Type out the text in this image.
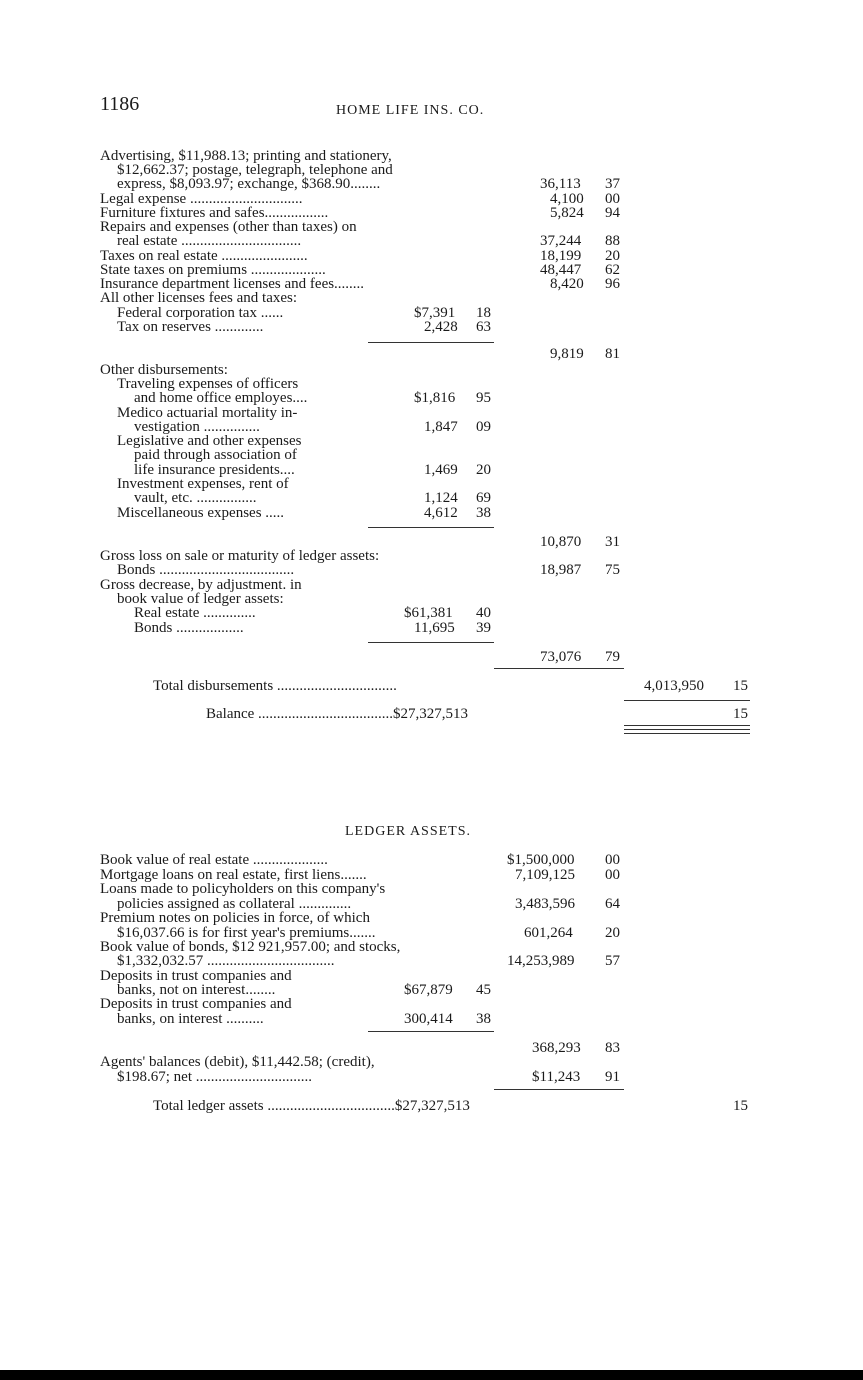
1186	HOME LIFE INS. CO.
Advertising, $11,988.13; printing and stationery,
$12,662.37; postage, telegraph, telephone and
express, $8,093.97; exchange, $368.90........	36,113 37
Legal expense ..............................	4,100 00
Furniture fixtures and safes.................	5,824 94
Repairs and expenses (other than taxes) on
real estate ................................	37,244 88
Taxes on real estate .......................	18,199 20
State taxes on premiums ....................	48,447 62
Insurance department licenses and fees........	8,420 96
All other licenses fees and taxes:
Federal corporation tax ......	$7,391 18
Tax on reserves .............	2,428 63
9,819 81
Other disbursements:
Traveling expenses of officers
and home office employes....	$1,816 95
Medico actuarial mortality in-
vestigation ...............	1,847 09
Legislative and other expenses
paid through association of
life insurance presidents....	1,469 20
Investment expenses, rent of
vault, etc. ................	1,124 69
Miscellaneous expenses .....	4,612 38
10,870 31
Gross loss on sale or maturity of ledger assets:
Bonds ....................................	18,987 75
Gross decrease, by adjustment. in
book value of ledger assets:
Real estate ..............	$61,381 40
Bonds ..................	11,695 39
73,076 79
Total disbursements ................................	4,013,950 15
Balance ....................................$27,327,513	15
LEDGER ASSETS.
Book value of real estate ....................	$1,500,000 00
Mortgage loans on real estate, first liens.......	7,109,125 00
Loans made to policyholders on this company's
policies assigned as collateral ..............	3,483,596 64
Premium notes on policies in force, of which
$16,037.66 is for first year's premiums.......	601,264 20
Book value of bonds, $12 921,957.00; and stocks,
$1,332,032.57 ..................................	14,253,989 57
Deposits in trust companies and
banks, not on interest........	$67,879 45
Deposits in trust companies and
banks, on interest ..........	300,414 38
368,293 83
Agents' balances (debit), $11,442.58; (credit),
$198.67; net ...............................	$11,243 91
Total ledger assets ..................................$27,327,513	15
